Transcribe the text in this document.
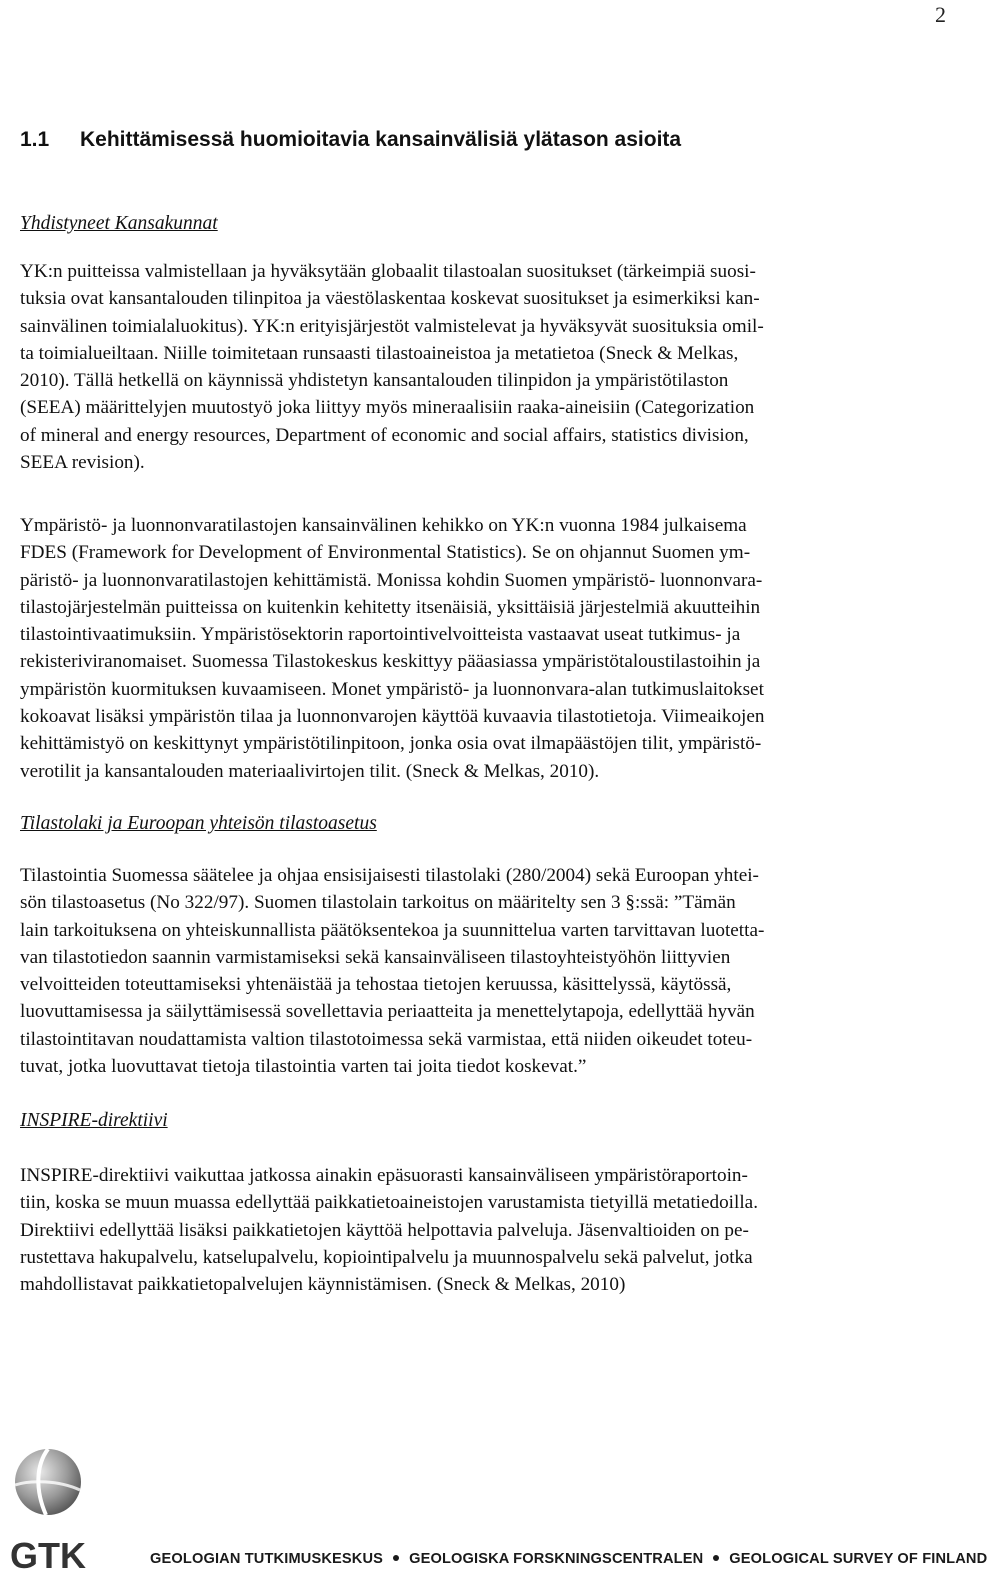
2
1.1 Kehittämisessä huomioitavia kansainvälisiä ylätason asioita
Yhdistyneet Kansakunnat

YK:n puitteissa valmistellaan ja hyväksytään globaalit tilastoalan suositukset (tärkeimpiä suosi-
tuksia ovat kansantalouden tilinpitoa ja väestölaskentaa koskevat suositukset ja esimerkiksi kan-
sainvälinen toimialaluokitus). YK:n erityisjärjestöt valmistelevat ja hyväksyvät suosituksia omil-
ta toimialueiltaan. Niille toimitetaan runsaasti tilastoaineistoa ja metatietoa (Sneck & Melkas,
2010). Tällä hetkellä on käynnissä yhdistetyn kansantalouden tilinpidon ja ympäristötilaston
(SEEA) määrittelyjen muutostyö joka liittyy myös mineraalisiin raaka-aineisiin (Categorization
of mineral and energy resources, Department of economic and social affairs, statistics division,
SEEA revision).

Ympäristö- ja luonnonvaratilastojen kansainvälinen kehikko on YK:n vuonna 1984 julkaisema
FDES (Framework for Development of Environmental Statistics). Se on ohjannut Suomen ym-
päristö- ja luonnonvaratilastojen kehittämistä. Monissa kohdin Suomen ympäristö- luonnonvara-
tilastojärjestelmän puitteissa on kuitenkin kehitetty itsenäisiä, yksittäisiä järjestelmiä akuutteihin
tilastointivaatimuksiin. Ympäristösektorin raportointivelvoitteista vastaavat useat tutkimus- ja
rekisteriviranomaiset. Suomessa Tilastokeskus keskittyy pääasiassa ympäristötaloustilastoihin ja
ympäristön kuormituksen kuvaamiseen. Monet ympäristö- ja luonnonvara-alan tutkimuslaitokset
kokoavat lisäksi ympäristön tilaa ja luonnonvarojen käyttöä kuvaavia tilastotietoja. Viimeaikojen
kehittämistyö on keskittynyt ympäristötilinpitoon, jonka osia ovat ilmapäästöjen tilit, ympäristö-
verotilit ja kansantalouden materiaalivirtojen tilit. (Sneck & Melkas, 2010).

Tilastolaki ja Euroopan yhteisön tilastoasetus

Tilastointia Suomessa säätelee ja ohjaa ensisijaisesti tilastolaki (280/2004) sekä Euroopan yhtei-
sön tilastoasetus (No 322/97). Suomen tilastolain tarkoitus on määritelty sen 3 §:ssä: ”Tämän
lain tarkoituksena on yhteiskunnallista päätöksentekoa ja suunnittelua varten tarvittavan luotetta-
van tilastotiedon saannin varmistamiseksi sekä kansainväliseen tilastoyhteistyöhön liittyvien
velvoitteiden toteuttamiseksi yhtenäistää ja tehostaa tietojen keruussa, käsittelyssä, käytössä,
luovuttamisessa ja säilyttämisessä sovellettavia periaatteita ja menettelytapoja, edellyttää hyvän
tilastointitavan noudattamista valtion tilastotoimessa sekä varmistaa, että niiden oikeudet toteu-
tuvat, jotka luovuttavat tietoja tilastointia varten tai joita tiedot koskevat.”

INSPIRE-direktiivi

INSPIRE-direktiivi vaikuttaa jatkossa ainakin epäsuorasti kansainväliseen ympäristöraportoin-
tiin, koska se muun muassa edellyttää paikkatietoaineistojen varustamista tietyillä metatiedoilla.
Direktiivi edellyttää lisäksi paikkatietojen käyttöä helpottavia palveluja. Jäsenvaltioiden on pe-
rustettava hakupalvelu, katselupalvelu, kopiointipalvelu ja muunnospalvelu sekä palvelut, jotka
mahdollistavat paikkatietopalvelujen käynnistämisen. (Sneck & Melkas, 2010)

GTK	GEOLOGIAN TUTKIMUSKESKUS GEOLOGISKA FORSKNINGSCENTRALEN GEOLOGICAL SURVEY OF FINLAND
